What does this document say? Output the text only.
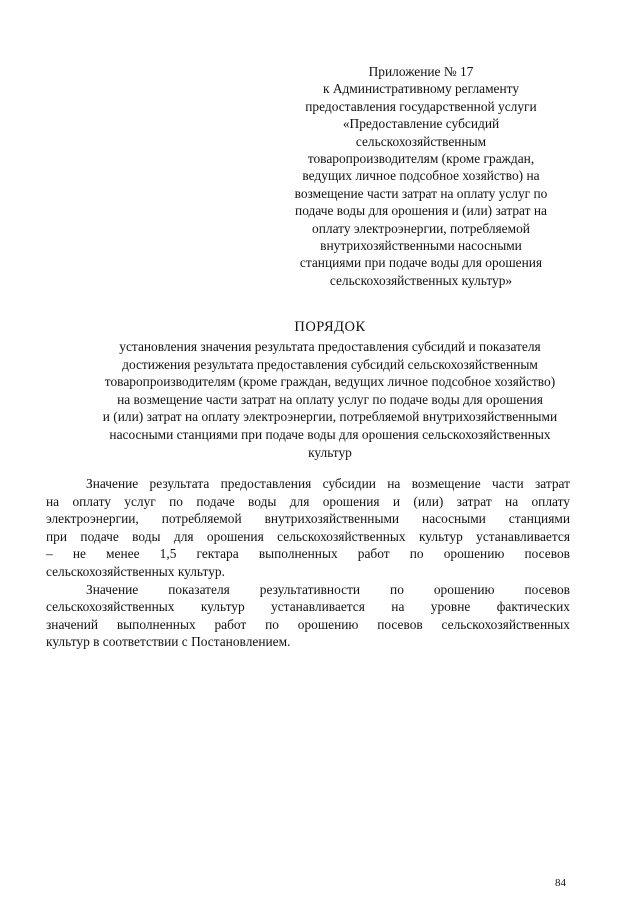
Приложение № 17
к Административному регламенту
предоставления государственной услуги
«Предоставление субсидий
сельскохозяйственным
товаропроизводителям (кроме граждан,
ведущих личное подсобное хозяйство) на
возмещение части затрат на оплату услуг по
подаче воды для орошения и (или) затрат на
оплату электроэнергии, потребляемой
внутрихозяйственными насосными
станциями при подаче воды для орошения
сельскохозяйственных культур»
ПОРЯДОК
установления значения результата предоставления субсидий и показателя
достижения результата предоставления субсидий сельскохозяйственным
товаропроизводителям (кроме граждан, ведущих личное подсобное хозяйство)
на возмещение части затрат на оплату услуг по подаче воды для орошения
и (или) затрат на оплату электроэнергии, потребляемой внутрихозяйственными
насосными станциями при подаче воды для орошения сельскохозяйственных
культур
Значение результата предоставления субсидии на возмещение части затрат
на оплату услуг по подаче воды для орошения и (или) затрат на оплату
электроэнергии, потребляемой внутрихозяйственными насосными станциями
при подаче воды для орошения сельскохозяйственных культур устанавливается
– не менее 1,5 гектара выполненных работ по орошению посевов
сельскохозяйственных культур.
Значение показателя результативности по орошению посевов
сельскохозяйственных культур устанавливается на уровне фактических
значений выполненных работ по орошению посевов сельскохозяйственных
культур в соответствии с Постановлением.
84
